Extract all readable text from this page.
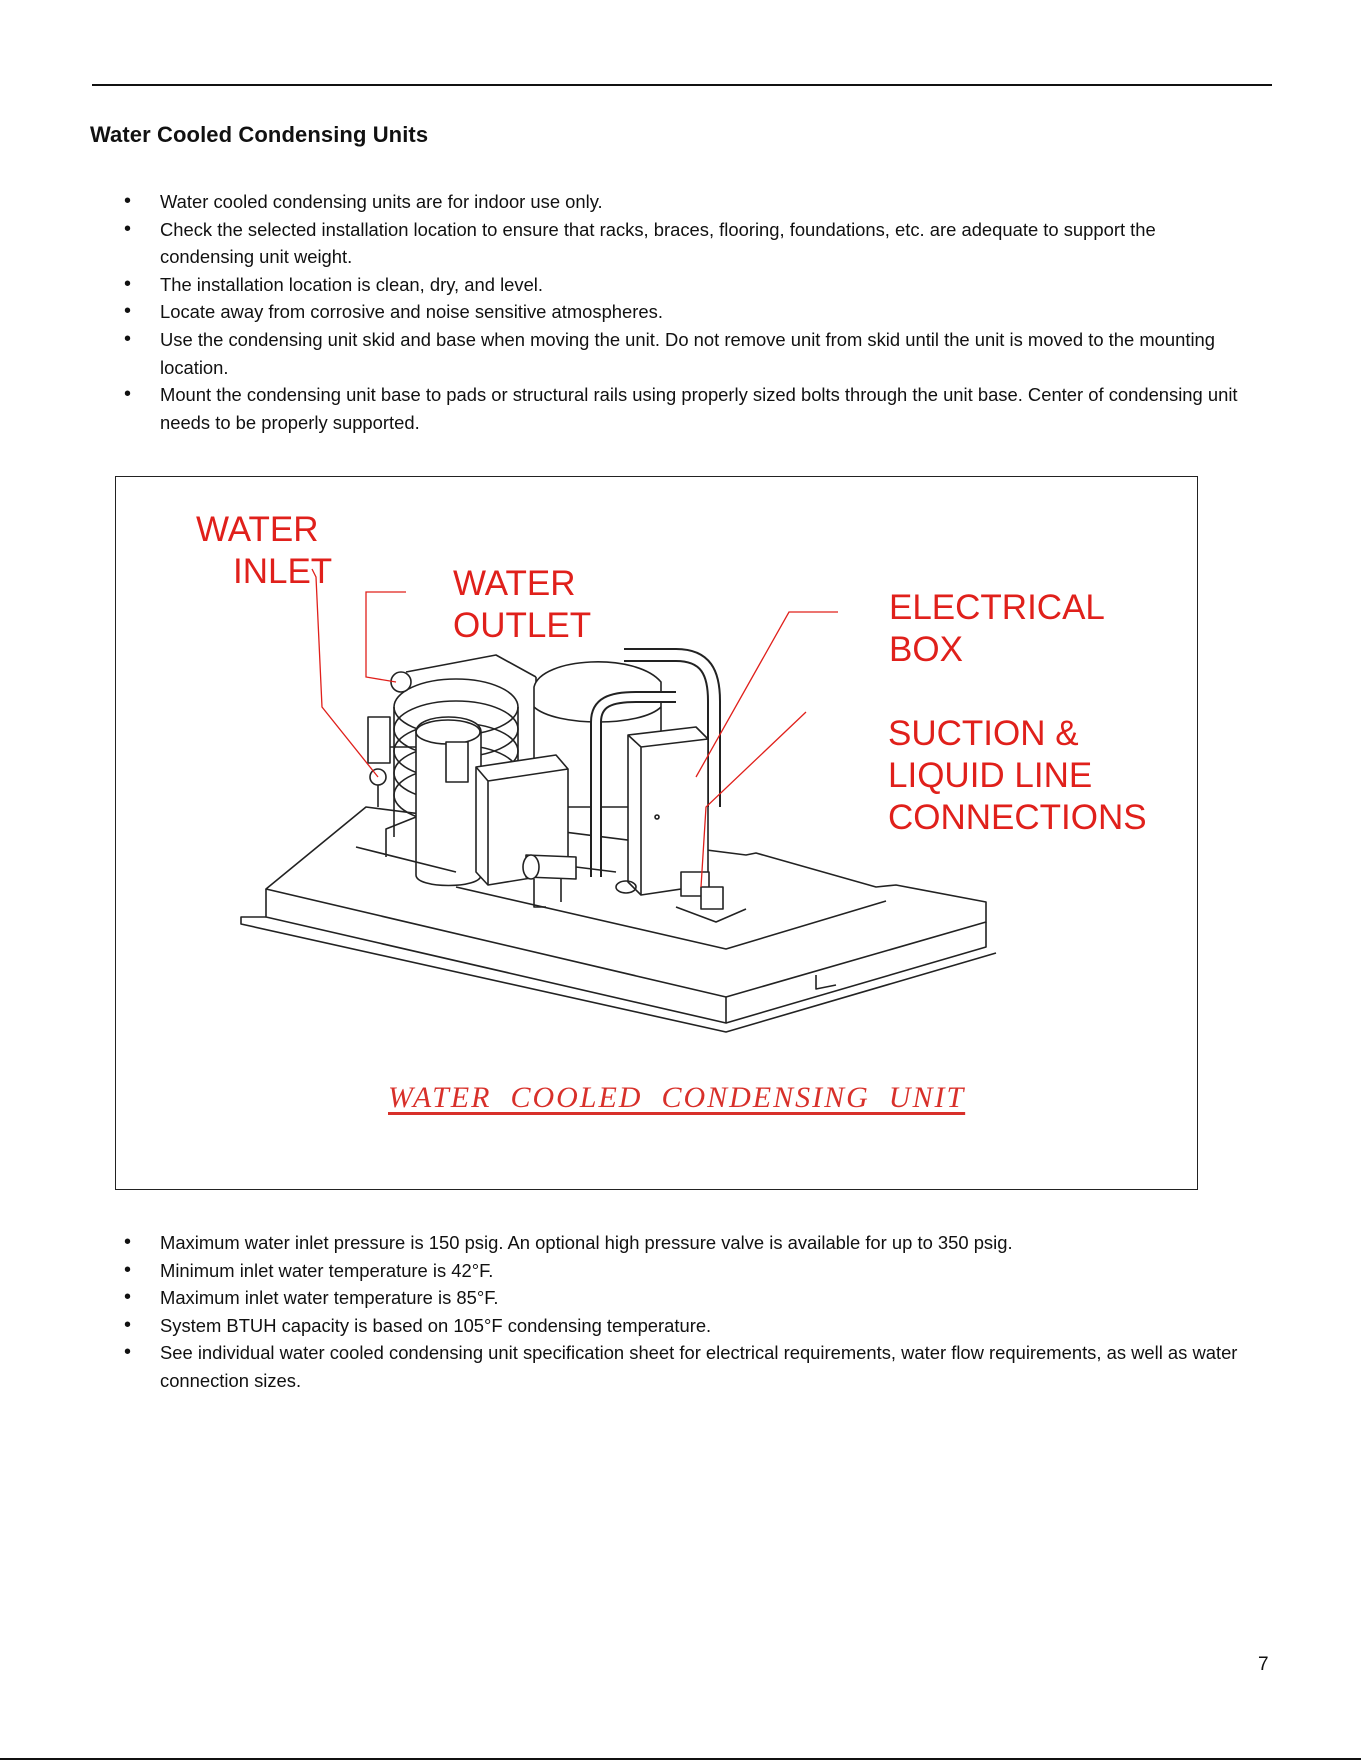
Water Cooled Condensing Units
• Water cooled condensing units are for indoor use only.
• Check the selected installation location to ensure that racks, braces, flooring, foundations, etc. are adequate to support the condensing unit weight.
• The installation location is clean, dry, and level.
• Locate away from corrosive and noise sensitive atmospheres.
• Use the condensing unit skid and base when moving the unit. Do not remove unit from skid until the unit is moved to the mounting location.
• Mount the condensing unit base to pads or structural rails using properly sized bolts through the unit base. Center of condensing unit needs to be properly supported.
WATER
INLET	WATER
OUTLET	ELECTRICAL
BOX
SUCTION &
LIQUID LINE
CONNECTIONS
WATER  COOLED  CONDENSING  UNIT
• Maximum water inlet pressure is 150 psig. An optional high pressure valve is available for up to 350 psig.
• Minimum inlet water temperature is 42°F.
• Maximum inlet water temperature is 85°F.
• System BTUH capacity is based on 105°F condensing temperature.
• See individual water cooled condensing unit specification sheet for electrical requirements, water flow requirements, as well as water connection sizes.
7
